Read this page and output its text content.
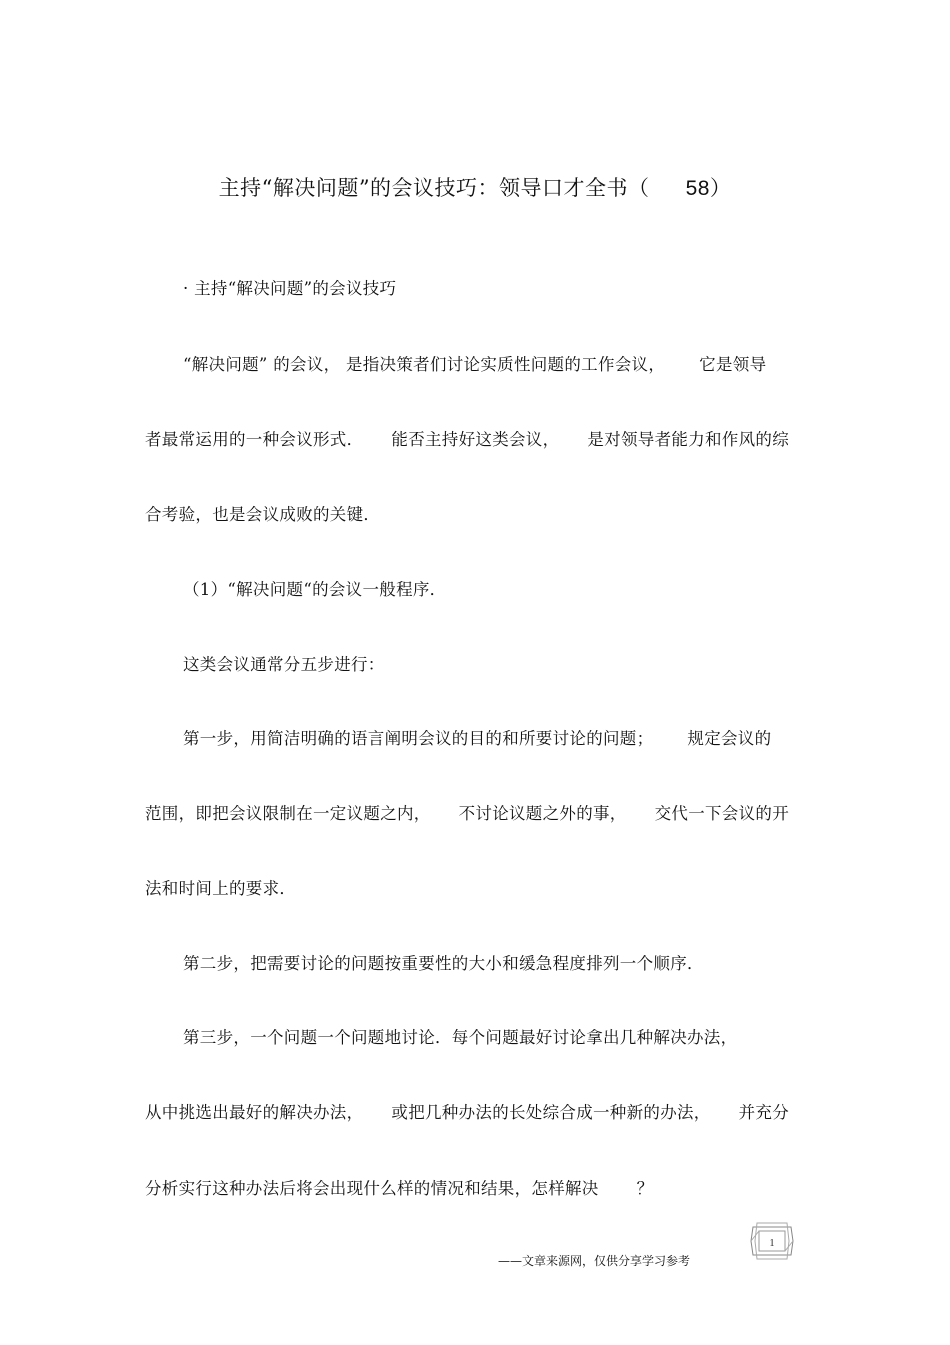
主持“解决问题”的会议技巧：领导口才全书（ 58）
· 主持“解决问题”的会议技巧
“解决问题” 的会议， 是指决策者们讨论实质性问题的工作会议， 它是领导
者最常运用的一种会议形式． 能否主持好这类会议， 是对领导者能力和作风的综
合考验，也是会议成败的关键．
（1）“解决问题“的会议一般程序．
这类会议通常分五步进行：
第一步，用简洁明确的语言阐明会议的目的和所要讨论的问题； 规定会议的
范围，即把会议限制在一定议题之内， 不讨论议题之外的事， 交代一下会议的开
法和时间上的要求．
第二步，把需要讨论的问题按重要性的大小和缓急程度排列一个顺序．
第三步，一个问题一个问题地讨论．每个问题最好讨论拿出几种解决办法，
从中挑选出最好的解决办法， 或把几种办法的长处综合成一种新的办法， 并充分
分析实行这种办法后将会出现什么样的情况和结果，怎样解决 ？
——文章来源网，仅供分享学习参考
1
